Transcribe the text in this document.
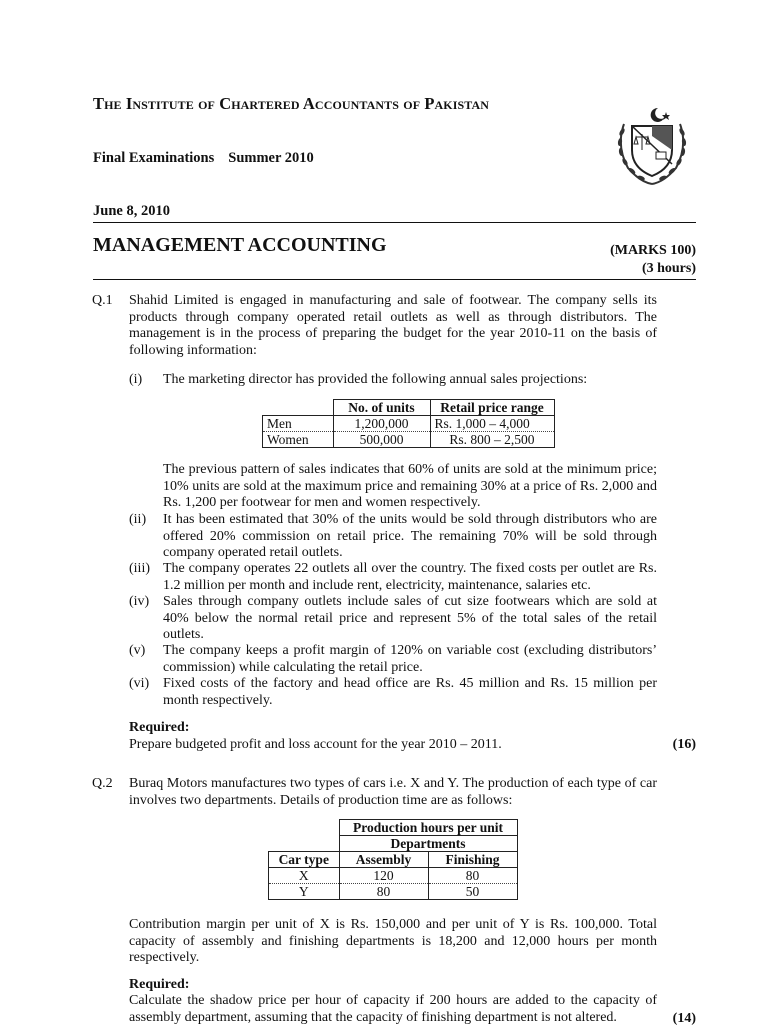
The Institute of Chartered Accountants of Pakistan
Final Examinations Summer 2010
June 8, 2010
MANAGEMENT ACCOUNTING	(MARKS 100)
(3 hours)
Q.1 Shahid Limited is engaged in manufacturing and sale of footwear. The company sells its products through company operated retail outlets as well as through distributors. The management is in the process of preparing the budget for the year 2010-11 on the basis of following information:
(i) The marketing director has provided the following annual sales projections:
	No. of units	Retail price range
Men	1,200,000	Rs. 1,000 – 4,000
Women	500,000	Rs. 800 – 2,500
The previous pattern of sales indicates that 60% of units are sold at the minimum price; 10% units are sold at the maximum price and remaining 30% at a price of Rs. 2,000 and Rs. 1,200 per footwear for men and women respectively.
(ii) It has been estimated that 30% of the units would be sold through distributors who are offered 20% commission on retail price. The remaining 70% will be sold through company operated retail outlets.
(iii) The company operates 22 outlets all over the country. The fixed costs per outlet are Rs. 1.2 million per month and include rent, electricity, maintenance, salaries etc.
(iv) Sales through company outlets include sales of cut size footwears which are sold at 40% below the normal retail price and represent 5% of the total sales of the retail outlets.
(v) The company keeps a profit margin of 120% on variable cost (excluding distributors’ commission) while calculating the retail price.
(vi) Fixed costs of the factory and head office are Rs. 45 million and Rs. 15 million per month respectively.
Required:
Prepare budgeted profit and loss account for the year 2010 – 2011.	(16)
Q.2 Buraq Motors manufactures two types of cars i.e. X and Y. The production of each type of car involves two departments. Details of production time are as follows:
	Production hours per unit	
	Departments	
Car type	Assembly	Finishing
X	120	80
Y	80	50
Contribution margin per unit of X is Rs. 150,000 and per unit of Y is Rs. 100,000. Total capacity of assembly and finishing departments is 18,200 and 12,000 hours per month respectively.
Required:
Calculate the shadow price per hour of capacity if 200 hours are added to the capacity of assembly department, assuming that the capacity of finishing department is not altered.	(14)
